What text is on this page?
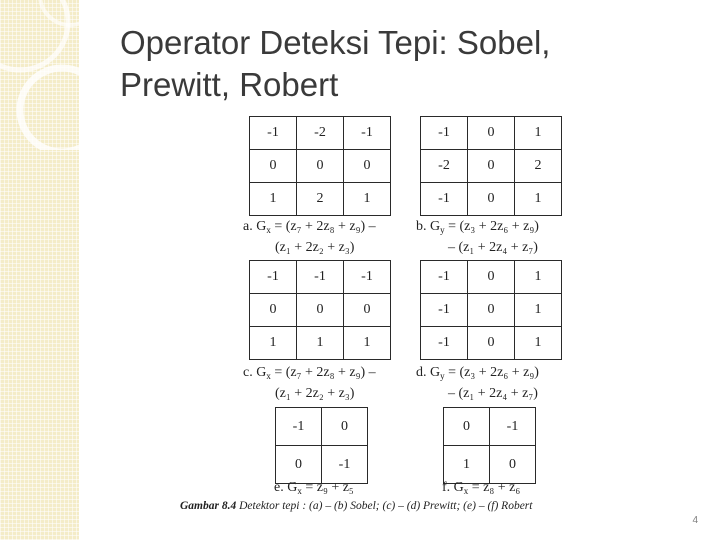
Operator Deteksi Tepi: Sobel,
Prewitt, Robert
-1	-2	-1
0	0	0
1	2	1
-1	0	1
-2	0	2
-1	0	1
a. $G_x = (z_7 + 2z_8 + z_9)$ –
(z₁ + 2z₂ + z₃)
b. $G_y = (z_3 + 2z_6 + z_9)$
– (z₁ + 2z₄ + z₇)
-1	-1	-1
0	0	0
1	1	1
-1	0	1
-1	0	1
-1	0	1
c. $G_x = (z_7 + 2z_8 + z_9)$ –
(z₁ + 2z₂ + z₃)
d. $G_y = (z_3 + 2z_6 + z_9)$
– (z₁ + 2z₄ + z₇)
-1	0
0	-1
0	-1
1	0
e. $G_x = z_9 + z_5$	f. $G_x = z_8 + z_6$
Gambar 8.4 Detektor tepi : (a) – (b) Sobel; (c) – (d) Prewitt; (e) – (f) Robert
4
